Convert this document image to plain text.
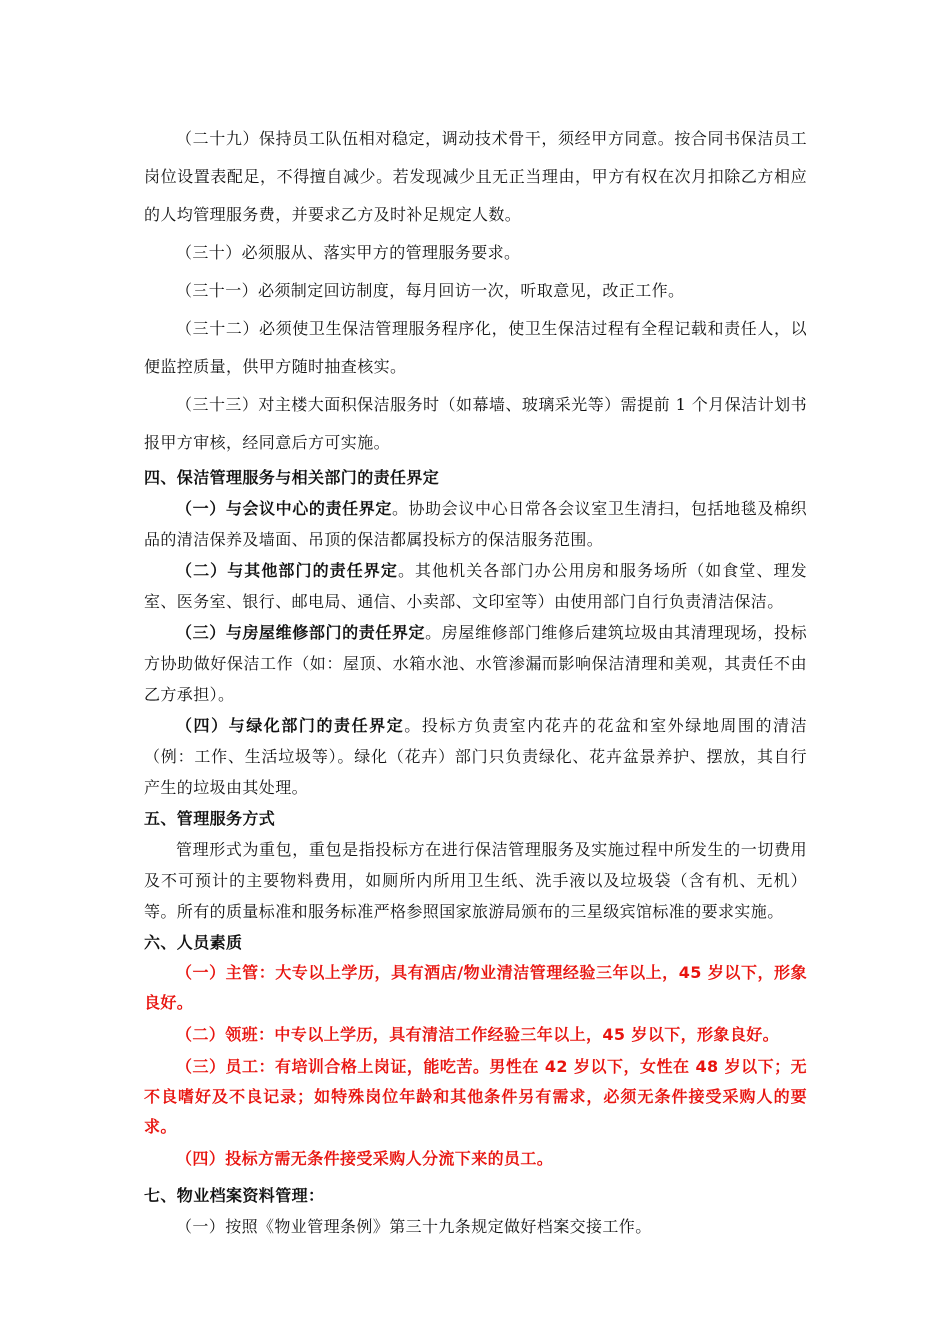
（二十九）保持员工队伍相对稳定，调动技术骨干，须经甲方同意。按合同书保洁员工岗位设置表配足，不得擅自减少。若发现减少且无正当理由，甲方有权在次月扣除乙方相应的人均管理服务费，并要求乙方及时补足规定人数。

（三十）必须服从、落实甲方的管理服务要求。

（三十一）必须制定回访制度，每月回访一次，听取意见，改正工作。

（三十二）必须使卫生保洁管理服务程序化，使卫生保洁过程有全程记载和责任人，以便监控质量，供甲方随时抽查核实。

（三十三）对主楼大面积保洁服务时（如幕墙、玻璃采光等）需提前 1 个月保洁计划书报甲方审核，经同意后方可实施。

四、保洁管理服务与相关部门的责任界定

（一）与会议中心的责任界定。协助会议中心日常各会议室卫生清扫，包括地毯及棉织品的清洁保养及墙面、吊顶的保洁都属投标方的保洁服务范围。

（二）与其他部门的责任界定。其他机关各部门办公用房和服务场所（如食堂、理发室、医务室、银行、邮电局、通信、小卖部、文印室等）由使用部门自行负责清洁保洁。

（三）与房屋维修部门的责任界定。房屋维修部门维修后建筑垃圾由其清理现场，投标方协助做好保洁工作（如：屋顶、水箱水池、水管渗漏而影响保洁清理和美观，其责任不由乙方承担）。

（四）与绿化部门的责任界定。投标方负责室内花卉的花盆和室外绿地周围的清洁（例：工作、生活垃圾等）。绿化（花卉）部门只负责绿化、花卉盆景养护、摆放，其自行产生的垃圾由其处理。

五、管理服务方式

管理形式为重包，重包是指投标方在进行保洁管理服务及实施过程中所发生的一切费用及不可预计的主要物料费用，如厕所内所用卫生纸、洗手液以及垃圾袋（含有机、无机）等。所有的质量标准和服务标准严格参照国家旅游局颁布的三星级宾馆标准的要求实施。

六、人员素质

（一）主管：大专以上学历，具有酒店/物业清洁管理经验三年以上，45 岁以下，形象良好。

（二）领班：中专以上学历，具有清洁工作经验三年以上，45 岁以下，形象良好。

（三）员工：有培训合格上岗证，能吃苦。男性在 42 岁以下，女性在 48 岁以下；无不良嗜好及不良记录；如特殊岗位年龄和其他条件另有需求，必须无条件接受采购人的要求。

（四）投标方需无条件接受采购人分流下来的员工。

七、物业档案资料管理：

（一）按照《物业管理条例》第三十九条规定做好档案交接工作。
